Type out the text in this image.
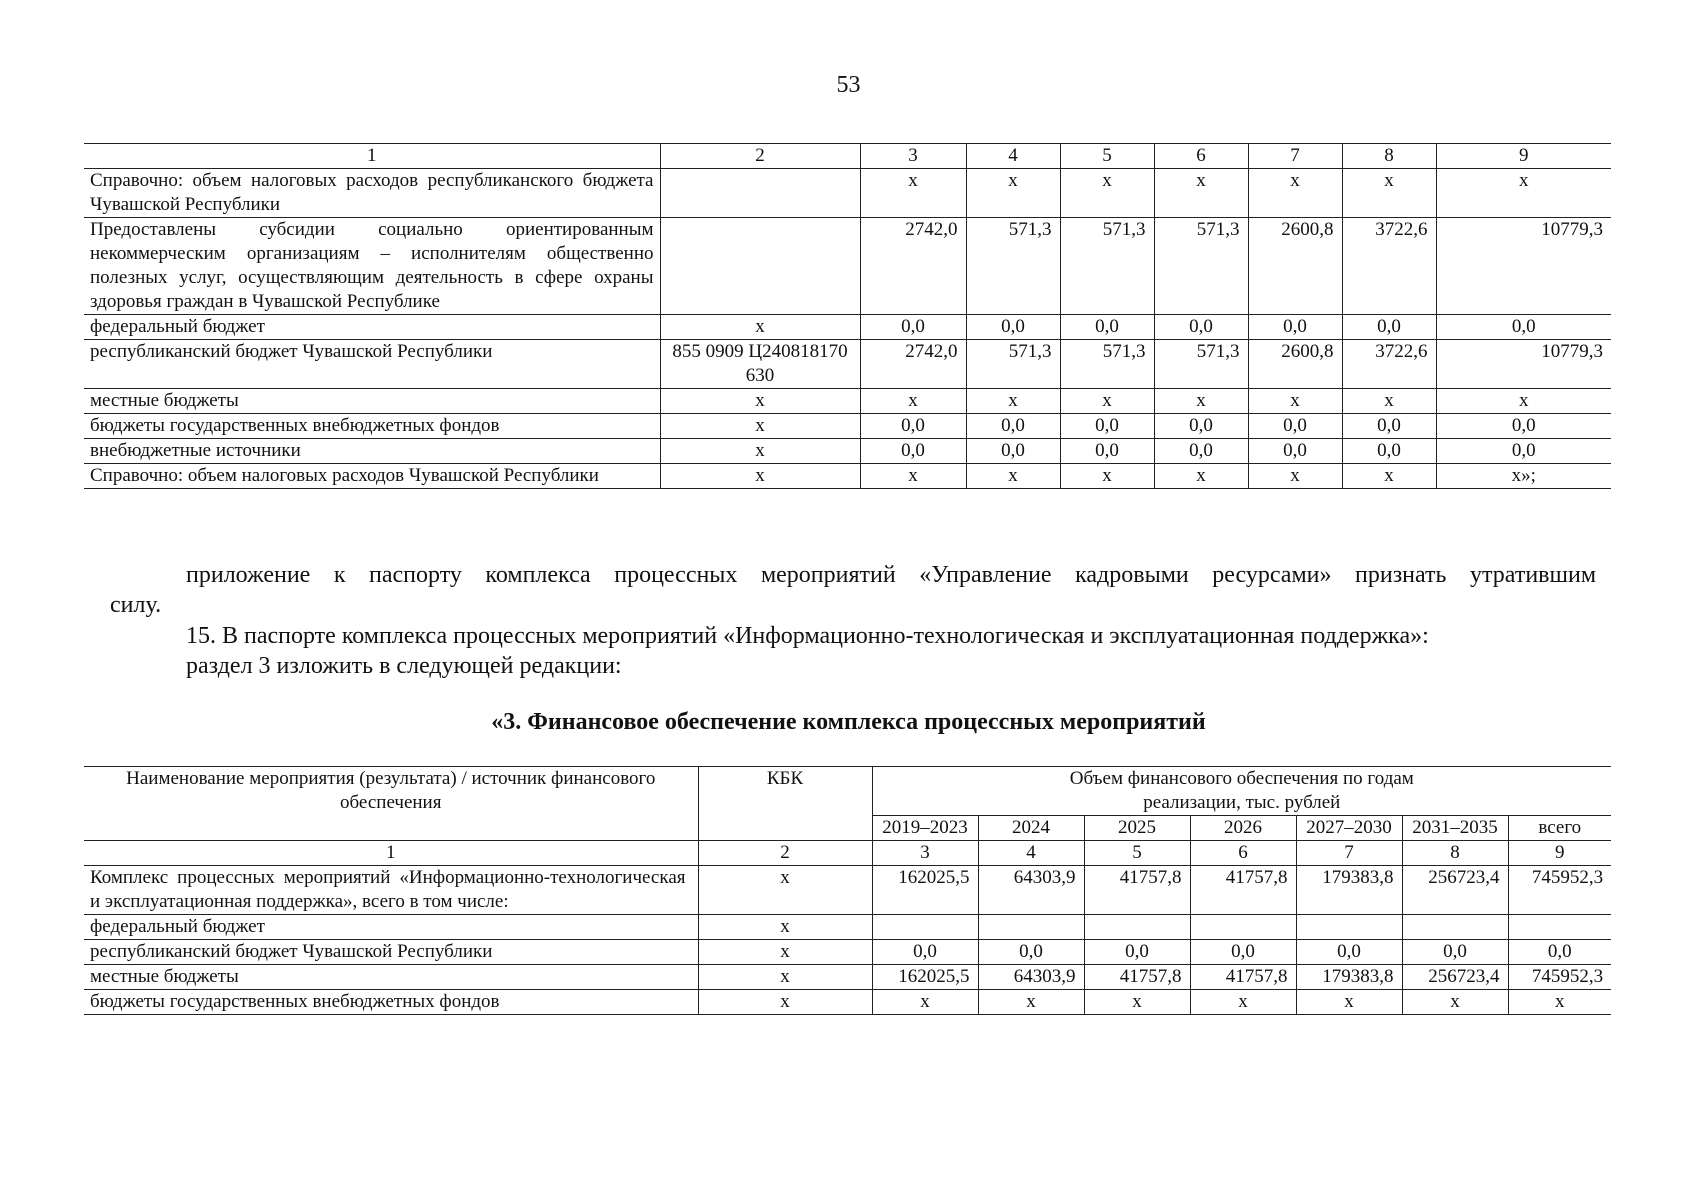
53
1	2	3	4	5	6	7	8	9
Справочно: объем налоговых расходов республиканского бюджета Чувашской Республики		х	х	х	х	х	х	х
Предоставлены субсидии социально ориентированным некоммерческим организациям – исполнителям общественно полезных услуг, осуществляющим деятельность в сфере охраны здоровья граждан в Чувашской Республике		2742,0	571,3	571,3	571,3	2600,8	3722,6	10779,3
федеральный бюджет	х	0,0	0,0	0,0	0,0	0,0	0,0	0,0
республиканский бюджет Чувашской Республики	855 0909 Ц240818170 630	2742,0	571,3	571,3	571,3	2600,8	3722,6	10779,3
местные бюджеты	х	х	х	х	х	х	х	х
бюджеты государственных внебюджетных фондов	х	0,0	0,0	0,0	0,0	0,0	0,0	0,0
внебюджетные источники	х	0,0	0,0	0,0	0,0	0,0	0,0	0,0
Справочно: объем налоговых расходов Чувашской Республики	х	х	х	х	х	х	х	х»;
приложение к паспорту комплекса процессных мероприятий «Управление кадровыми ресурсами» признать утратившим
силу.
15. В паспорте комплекса процессных мероприятий «Информационно-технологическая и эксплуатационная поддержка»:
раздел 3 изложить в следующей редакции:
«3. Финансовое обеспечение комплекса процессных мероприятий
Наименование мероприятия (результата) / источник финансового обеспечения	КБК	Объем финансового обеспечения по годам реализации, тыс. рублей						
		2019–2023	2024	2025	2026	2027–2030	2031–2035	всего
1	2	3	4	5	6	7	8	9
Комплекс процессных мероприятий «Информационно-технологическая и эксплуатационная поддержка», всего в том числе:	х	162025,5	64303,9	41757,8	41757,8	179383,8	256723,4	745952,3
федеральный бюджет	х							
республиканский бюджет Чувашской Республики	х	0,0	0,0	0,0	0,0	0,0	0,0	0,0
местные бюджеты	х	162025,5	64303,9	41757,8	41757,8	179383,8	256723,4	745952,3
бюджеты государственных внебюджетных фондов	х	х	х	х	х	х	х	х
